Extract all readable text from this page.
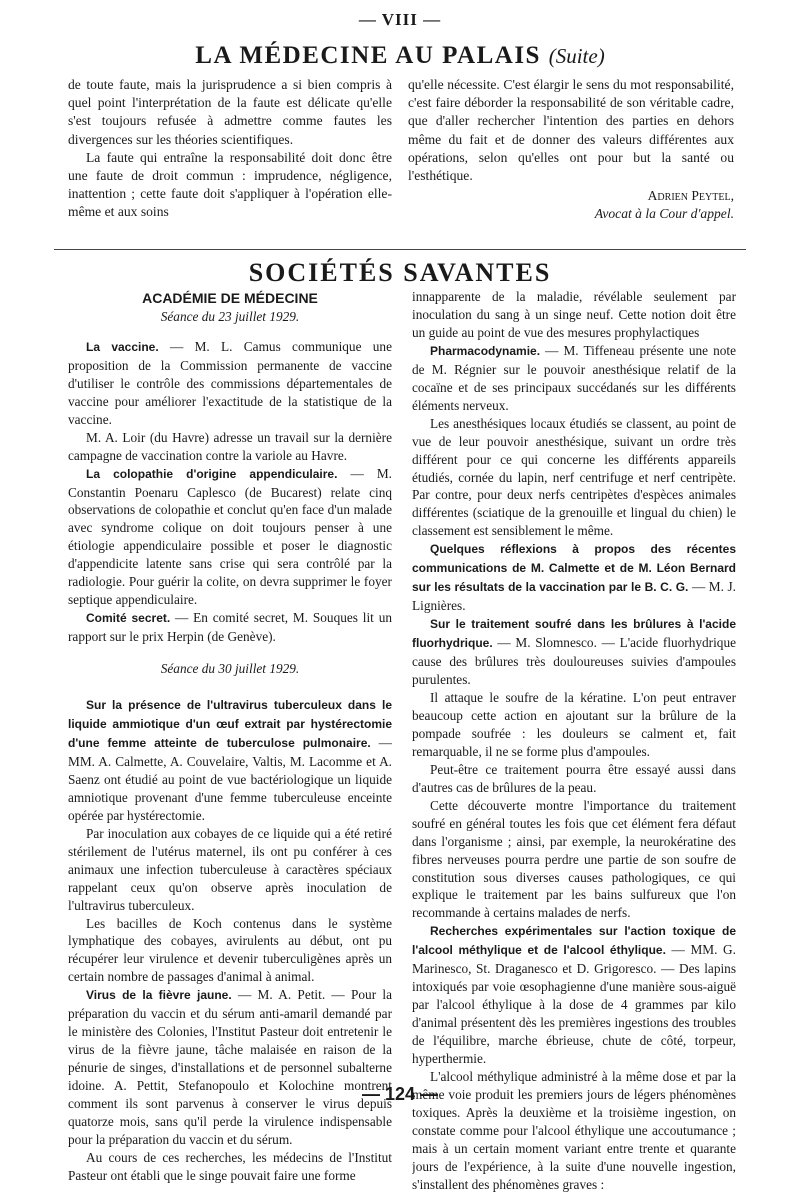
— VIII —
LA MÉDECINE AU PALAIS (Suite)

de toute faute, mais la jurisprudence a si bien compris à quel point l'interprétation de la faute est délicate qu'elle s'est toujours refusée à admettre comme fautes les divergences sur les théories scientifiques.

La faute qui entraîne la responsabilité doit donc être une faute de droit commun : imprudence, négligence, inattention ; cette faute doit s'appliquer à l'opération elle-même et aux soins

qu'elle nécessite. C'est élargir le sens du mot responsabilité, c'est faire déborder la responsabilité de son véritable cadre, que d'aller rechercher l'intention des parties en dehors même du fait et de donner des valeurs différentes aux opérations, selon qu'elles ont pour but la santé ou l'esthétique.

Adrien Peytel,

Avocat à la Cour d'appel.

SOCIÉTÉS SAVANTES

ACADÉMIE DE MÉDECINE

Séance du 23 juillet 1929.

La vaccine. — M. L. Camus communique une proposition de la Commission permanente de vaccine d'utiliser le contrôle des commissions départementales de vaccine pour améliorer l'exactitude de la statistique de la vaccine.

M. A. Loir (du Havre) adresse un travail sur la dernière campagne de vaccination contre la variole au Havre.

La colopathie d'origine appendiculaire. — M. Constantin Poenaru Caplesco (de Bucarest) relate cinq observations de colopathie et conclut qu'en face d'un malade avec syndrome colique on doit toujours penser à une étiologie appendiculaire possible et poser le diagnostic d'appendicite latente sans crise qui sera contrôlé par la radiologie. Pour guérir la colite, on devra supprimer le foyer septique appendiculaire.

Comité secret. — En comité secret, M. Souques lit un rapport sur le prix Herpin (de Genève).

Séance du 30 juillet 1929.

Sur la présence de l'ultravirus tuberculeux dans le liquide ammiotique d'un œuf extrait par hystérectomie d'une femme atteinte de tuberculose pulmonaire. — MM. A. Calmette, A. Couvelaire, Valtis, M. Lacomme et A. Saenz ont étudié au point de vue bactériologique un liquide amniotique provenant d'une femme tuberculeuse enceinte opérée par hystérectomie.

Par inoculation aux cobayes de ce liquide qui a été retiré stérilement de l'utérus maternel, ils ont pu conférer à ces animaux une infection tuberculeuse à caractères spéciaux rappelant ceux qu'on observe après inoculation de l'ultravirus tuberculeux.

Les bacilles de Koch contenus dans le système lymphatique des cobayes, avirulents au début, ont pu récupérer leur virulence et devenir tuberculigènes après un certain nombre de passages d'animal à animal.

Virus de la fièvre jaune. — M. A. Petit. — Pour la préparation du vaccin et du sérum anti-amaril demandé par le ministère des Colonies, l'Institut Pasteur doit entretenir le virus de la fièvre jaune, tâche malaisée en raison de la pénurie de singes, d'installations et de personnel subalterne idoine. A. Pettit, Stefanopoulo et Kolochine montrent comment ils sont parvenus à conserver le virus depuis quatorze mois, sans qu'il perde la virulence indispensable pour la préparation du vaccin et du sérum.

Au cours de ces recherches, les médecins de l'Institut Pasteur ont établi que le singe pouvait faire une forme

innapparente de la maladie, révélable seulement par inoculation du sang à un singe neuf. Cette notion doit être un guide au point de vue des mesures prophylactiques

Pharmacodynamie. — M. Tiffeneau présente une note de M. Régnier sur le pouvoir anesthésique relatif de la cocaïne et de ses principaux succédanés sur les différents éléments nerveux.

Les anesthésiques locaux étudiés se classent, au point de vue de leur pouvoir anesthésique, suivant un ordre très différent pour ce qui concerne les différents appareils étudiés, cornée du lapin, nerf centrifuge et nerf centripète. Par contre, pour deux nerfs centripètes d'espèces animales différentes (sciatique de la grenouille et lingual du chien) le classement est sensiblement le même.

Quelques réflexions à propos des récentes communications de M. Calmette et de M. Léon Bernard sur les résultats de la vaccination par le B. C. G. — M. J. Lignières.

Sur le traitement soufré dans les brûlures à l'acide fluorhydrique. — M. Slomnesco. — L'acide fluorhydrique cause des brûlures très douloureuses suivies d'ampoules purulentes.

Il attaque le soufre de la kératine. L'on peut entraver beaucoup cette action en ajoutant sur la brûlure de la pompade soufrée : les douleurs se calment et, fait remarquable, il ne se forme plus d'ampoules.

Peut-être ce traitement pourra être essayé aussi dans d'autres cas de brûlures de la peau.

Cette découverte montre l'importance du traitement soufré en général toutes les fois que cet élément fera défaut dans l'organisme ; ainsi, par exemple, la neurokératine des fibres nerveuses pourra perdre une partie de son soufre de constitution sous diverses causes pathologiques, ce qui explique le traitement par les bains sulfureux que l'on recommande à certains malades de nerfs.

Recherches expérimentales sur l'action toxique de l'alcool méthylique et de l'alcool éthylique. — MM. G. Marinesco, St. Draganesco et D. Grigoresco. — Des lapins intoxiqués par voie œsophagienne d'une manière sous-aiguë par l'alcool éthylique à la dose de 4 grammes par kilo d'animal présentent dès les premières ingestions des troubles de l'équilibre, marche ébrieuse, chute de côté, torpeur, hyperthermie.

L'alcool méthylique administré à la même dose et par la même voie produit les premiers jours de légers phénomènes toxiques. Après la deuxième et la troisième ingestion, on constate comme pour l'alcool éthylique une accoutumance ; mais à un certain moment variant entre trente et quarante jours de l'expérience, à la suite d'une nouvelle ingestion, s'installent des phénomènes graves :

— 124 —
